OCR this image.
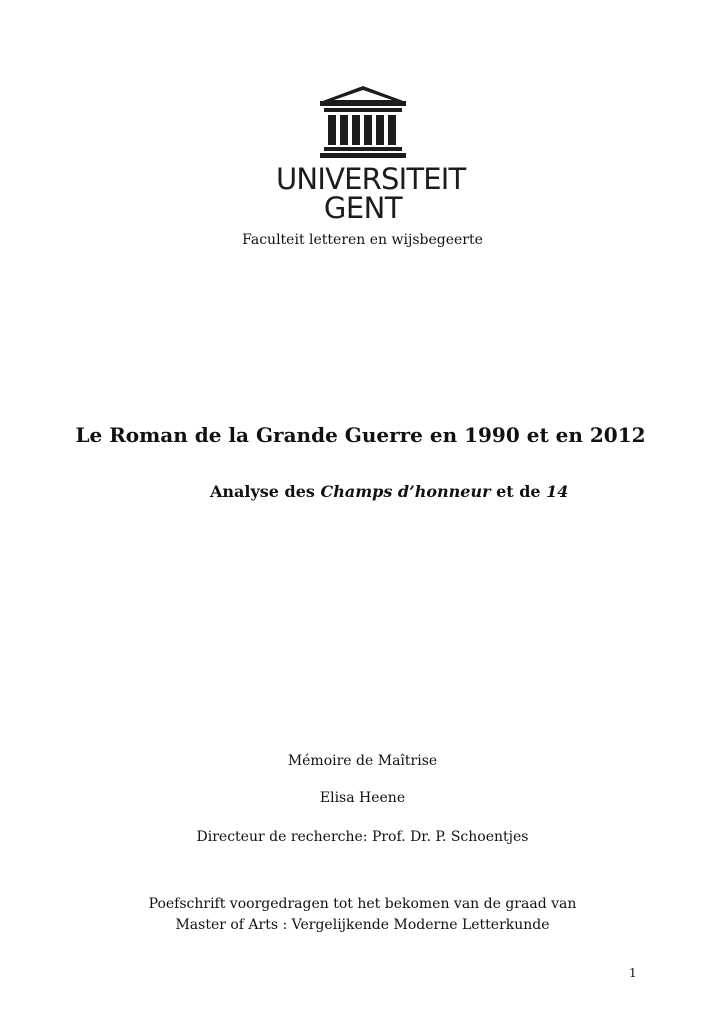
UNIVERSITEIT
GENT
Faculteit letteren en wijsbegeerte
Le Roman de la Grande Guerre en 1990 et en 2012
Analyse des Champs d’honneur et de 14
Mémoire de Maîtrise
Elisa Heene
Directeur de recherche: Prof. Dr. P. Schoentjes
Poefschrift voorgedragen tot het bekomen van de graad van
Master of Arts : Vergelijkende Moderne Letterkunde
1
